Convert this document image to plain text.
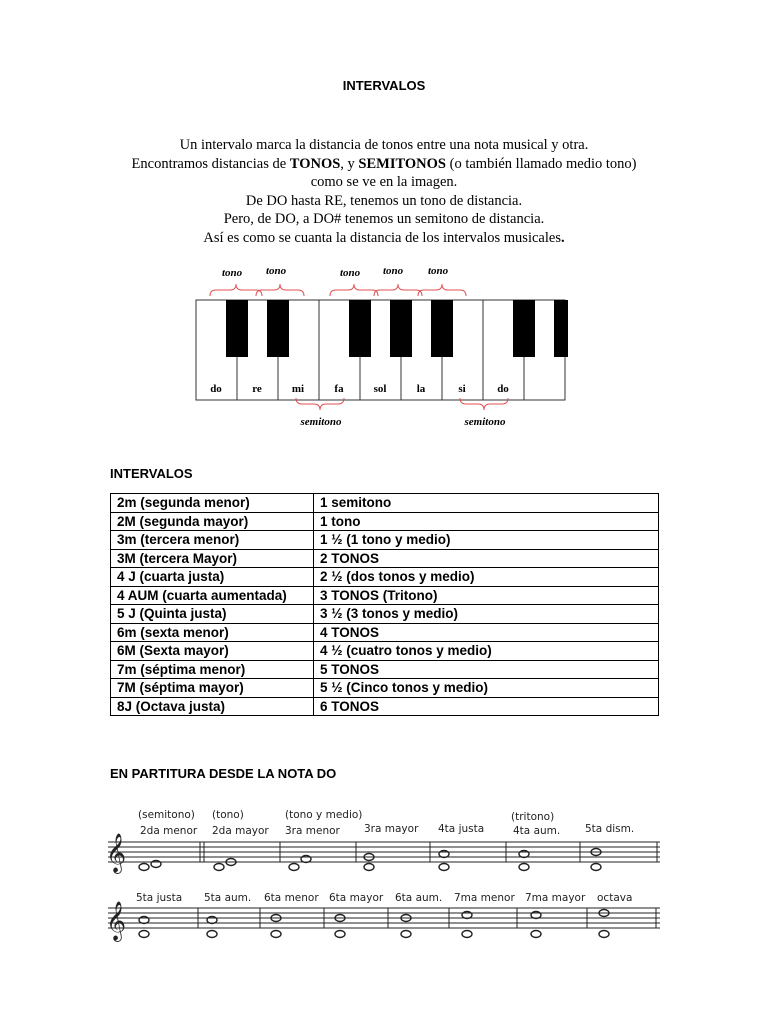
INTERVALOS
Un intervalo marca la distancia de tonos entre una nota musical y otra.
Encontramos distancias de TONOS, y SEMITONOS (o también llamado medio tono)
como se ve en la imagen.
De DO hasta RE, tenemos un tono de distancia.
Pero, de DO, a DO# tenemos un semitono de distancia.
Así es como se cuanta la distancia de los intervalos musicales.
tono tono	tono tono tono
do	re	mi	fa	sol	la	si	do
semitono	semitono
INTERVALOS
2m (segunda menor)	1 semitono
2M (segunda mayor)	1 tono
3m (tercera menor)	1 ½ (1 tono y medio)
3M (tercera Mayor)	2 TONOS
4 J (cuarta justa)	2 ½ (dos tonos y medio)
4 AUM (cuarta aumentada)	3 TONOS (Tritono)
5 J (Quinta justa)	3 ½ (3 tonos y medio)
6m (sexta menor)	4 TONOS
6M (Sexta mayor)	4 ½ (cuatro tonos y medio)
7m (séptima menor)	5 TONOS
7M (séptima mayor)	5 ½ (Cinco tonos y medio)
8J (Octava justa)	6 TONOS
EN PARTITURA DESDE LA NOTA DO
(semitono) (tono)	(tono y medio)	(tritono)
2da menor 2da mayor 3ra menor 3ra mayor 4ta justa	4ta aum. 5ta dism.
𝄞
5ta justa 5ta aum. 6ta menor 6ta mayor 6ta aum. 7ma menor 7ma mayor octava
𝄞
